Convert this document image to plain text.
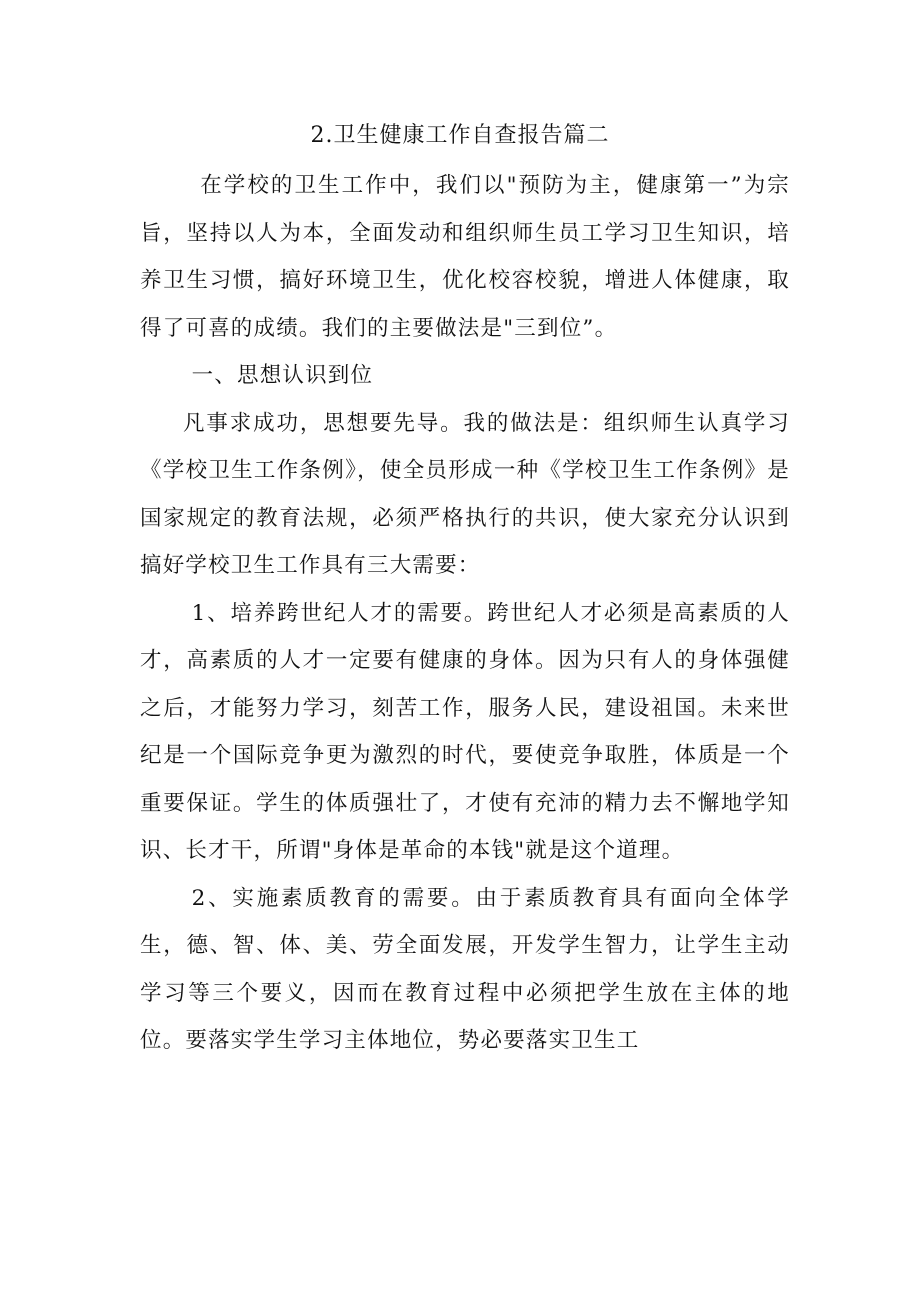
2.卫生健康工作自查报告篇二

在学校的卫生工作中，我们以"预防为主，健康第一”为宗旨，坚持以人为本，全面发动和组织师生员工学习卫生知识，培养卫生习惯，搞好环境卫生，优化校容校貌，增进人体健康，取得了可喜的成绩。我们的主要做法是"三到位”。

一、思想认识到位

凡事求成功，思想要先导。我的做法是：组织师生认真学习《学校卫生工作条例》，使全员形成一种《学校卫生工作条例》是国家规定的教育法规，必须严格执行的共识，使大家充分认识到搞好学校卫生工作具有三大需要：

1、培养跨世纪人才的需要。跨世纪人才必须是高素质的人才，高素质的人才一定要有健康的身体。因为只有人的身体强健之后，才能努力学习，刻苦工作，服务人民，建设祖国。未来世纪是一个国际竞争更为激烈的时代，要使竞争取胜，体质是一个重要保证。学生的体质强壮了，才使有充沛的精力去不懈地学知识、长才干，所谓"身体是革命的本钱"就是这个道理。

2、实施素质教育的需要。由于素质教育具有面向全体学生，德、智、体、美、劳全面发展，开发学生智力，让学生主动学习等三个要义，因而在教育过程中必须把学生放在主体的地位。要落实学生学习主体地位，势必要落实卫生工
